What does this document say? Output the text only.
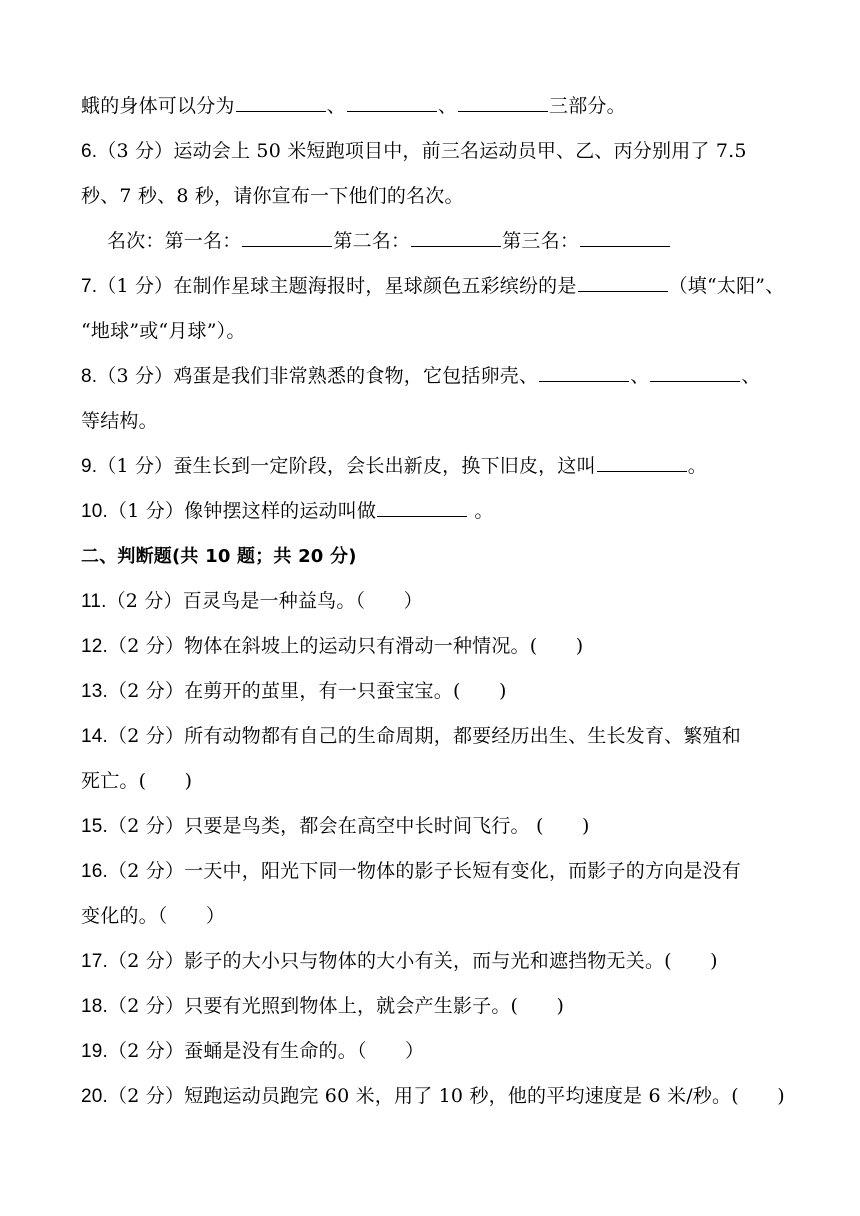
蛾的身体可以分为	、	、	三部分。
6.（3 分）运动会上 50 米短跑项目中，前三名运动员甲、乙、丙分别用了 7.5
秒、7 秒、8 秒，请你宣布一下他们的名次。
名次：第一名：	第二名：	第三名：
7.（1 分）在制作星球主题海报时，星球颜色五彩缤纷的是	（填“太阳”、
“地球”或“月球”）。
8.（3 分）鸡蛋是我们非常熟悉的食物，它包括卵壳、	、	、
等结构。
9.（1 分）蚕生长到一定阶段，会长出新皮，换下旧皮，这叫	。
10.（1 分）像钟摆这样的运动叫做	。
二、判断题(共 10 题；共 20 分)
11.（2 分）百灵鸟是一种益鸟。（　　）
12.（2 分）物体在斜坡上的运动只有滑动一种情况。(　　)
13.（2 分）在剪开的茧里，有一只蚕宝宝。(　　)
14.（2 分）所有动物都有自己的生命周期，都要经历出生、生长发育、繁殖和
死亡。(　　)
15.（2 分）只要是鸟类，都会在高空中长时间飞行。 (　　)
16.（2 分）一天中，阳光下同一物体的影子长短有变化，而影子的方向是没有
变化的。（　　）
17.（2 分）影子的大小只与物体的大小有关，而与光和遮挡物无关。(　　)
18.（2 分）只要有光照到物体上，就会产生影子。(　　)
19.（2 分）蚕蛹是没有生命的。（　　）
20.（2 分）短跑运动员跑完 60 米，用了 10 秒，他的平均速度是 6 米/秒。(　　)
